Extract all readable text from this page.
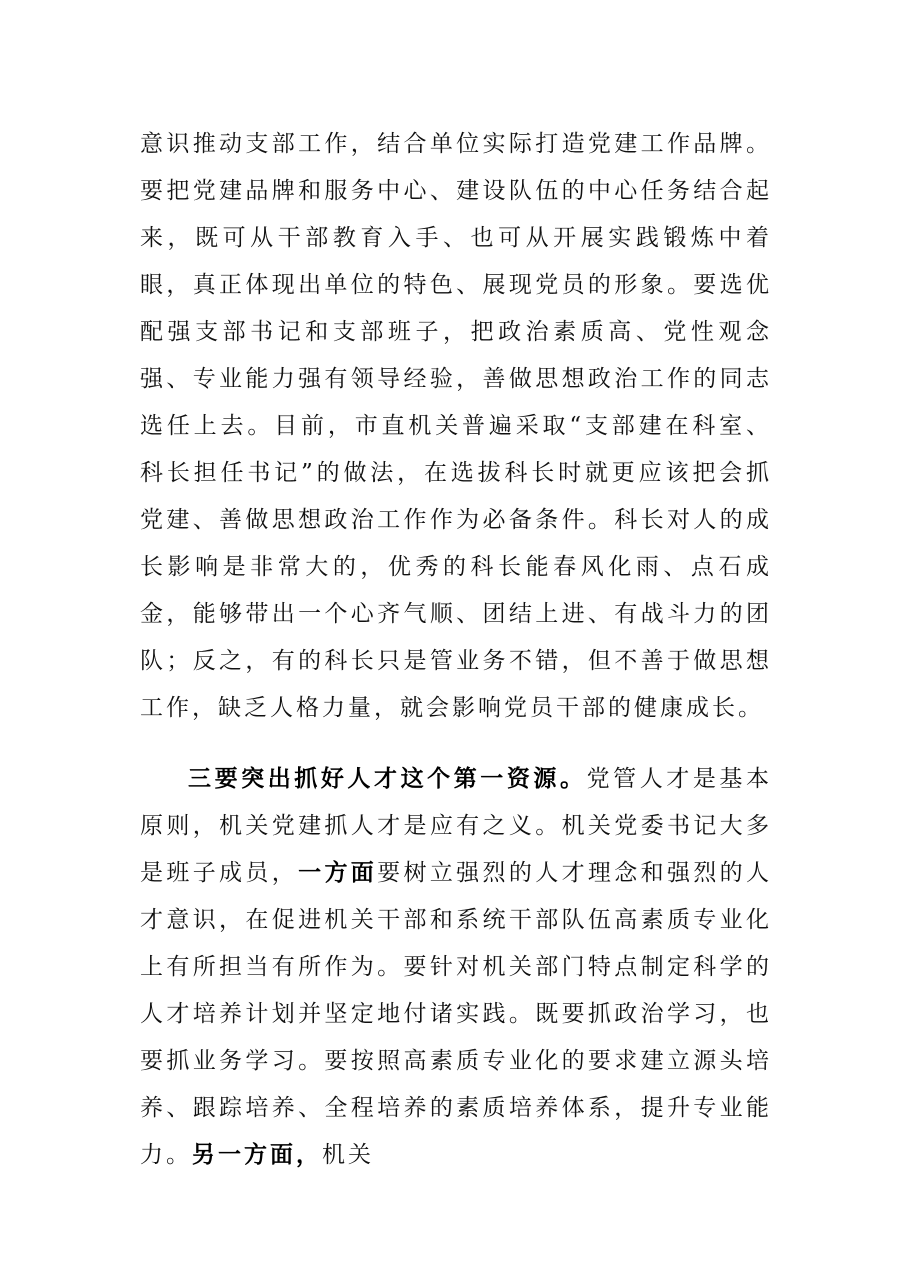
意识推动支部工作，结合单位实际打造党建工作品牌。要把党建品牌和服务中心、建设队伍的中心任务结合起来，既可从干部教育入手、也可从开展实践锻炼中着眼，真正体现出单位的特色、展现党员的形象。要选优配强支部书记和支部班子，把政治素质高、党性观念强、专业能力强有领导经验，善做思想政治工作的同志选任上去。目前，市直机关普遍采取“支部建在科室、科长担任书记”的做法，在选拔科长时就更应该把会抓党建、善做思想政治工作作为必备条件。科长对人的成长影响是非常大的，优秀的科长能春风化雨、点石成金，能够带出一个心齐气顺、团结上进、有战斗力的团队；反之，有的科长只是管业务不错，但不善于做思想工作，缺乏人格力量，就会影响党员干部的健康成长。

三要突出抓好人才这个第一资源。党管人才是基本原则，机关党建抓人才是应有之义。机关党委书记大多是班子成员，一方面要树立强烈的人才理念和强烈的人才意识，在促进机关干部和系统干部队伍高素质专业化上有所担当有所作为。要针对机关部门特点制定科学的人才培养计划并坚定地付诸实践。既要抓政治学习，也要抓业务学习。要按照高素质专业化的要求建立源头培养、跟踪培养、全程培养的素质培养体系，提升专业能力。另一方面，机关
